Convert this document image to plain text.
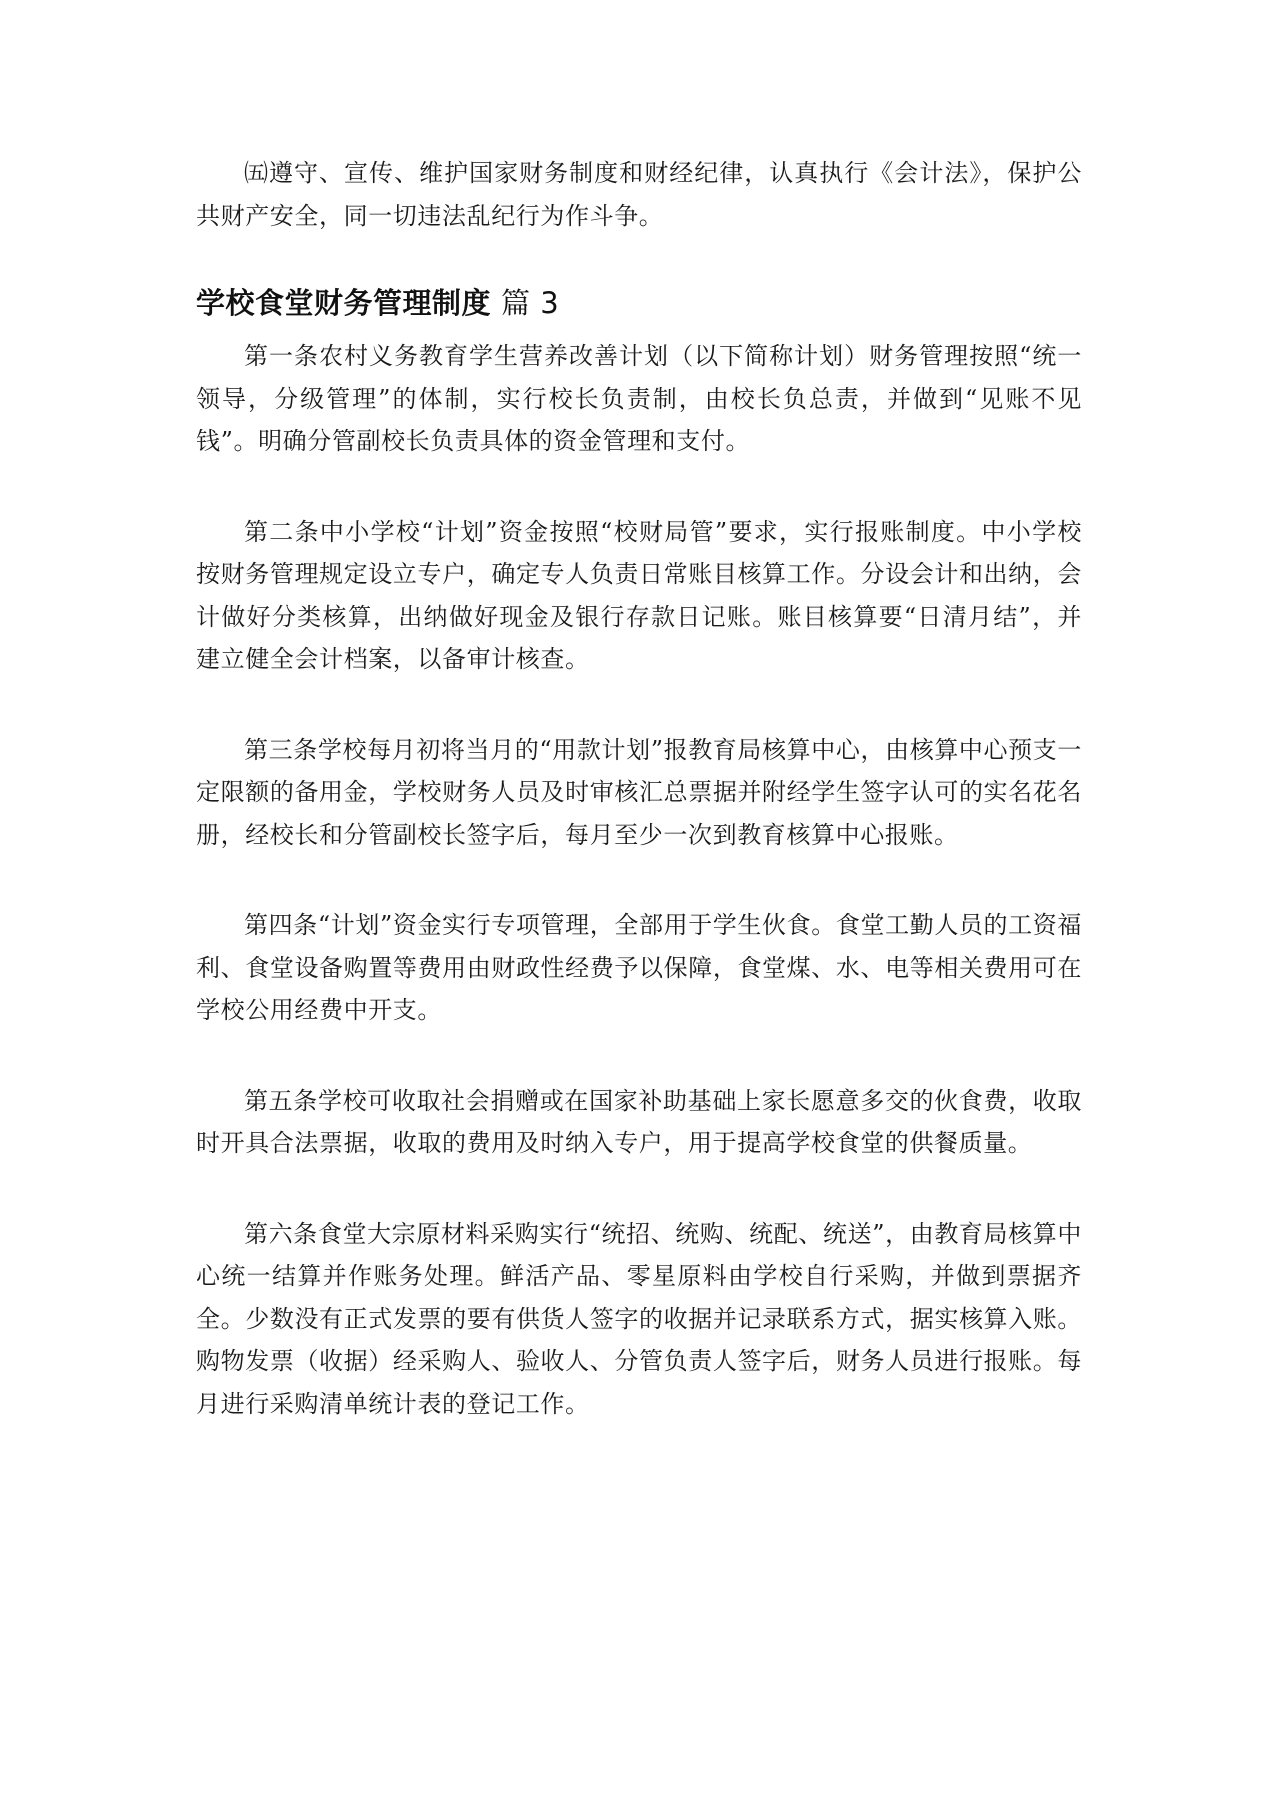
㈤遵守、宣传、维护国家财务制度和财经纪律，认真执行《会计法》，保护公共财产安全，同一切违法乱纪行为作斗争。

学校食堂财务管理制度 篇 3

第一条农村义务教育学生营养改善计划（以下简称计划）财务管理按照“统一领导，分级管理”的体制，实行校长负责制，由校长负总责，并做到“见账不见钱”。明确分管副校长负责具体的资金管理和支付。

第二条中小学校“计划”资金按照“校财局管”要求，实行报账制度。中小学校按财务管理规定设立专户，确定专人负责日常账目核算工作。分设会计和出纳，会计做好分类核算，出纳做好现金及银行存款日记账。账目核算要“日清月结”，并建立健全会计档案，以备审计核查。

第三条学校每月初将当月的“用款计划”报教育局核算中心，由核算中心预支一定限额的备用金，学校财务人员及时审核汇总票据并附经学生签字认可的实名花名册，经校长和分管副校长签字后，每月至少一次到教育核算中心报账。

第四条“计划”资金实行专项管理，全部用于学生伙食。食堂工勤人员的工资福利、食堂设备购置等费用由财政性经费予以保障，食堂煤、水、电等相关费用可在学校公用经费中开支。

第五条学校可收取社会捐赠或在国家补助基础上家长愿意多交的伙食费，收取时开具合法票据，收取的费用及时纳入专户，用于提高学校食堂的供餐质量。

第六条食堂大宗原材料采购实行“统招、统购、统配、统送”，由教育局核算中心统一结算并作账务处理。鲜活产品、零星原料由学校自行采购，并做到票据齐全。少数没有正式发票的要有供货人签字的收据并记录联系方式，据实核算入账。购物发票（收据）经采购人、验收人、分管负责人签字后，财务人员进行报账。每月进行采购清单统计表的登记工作。
